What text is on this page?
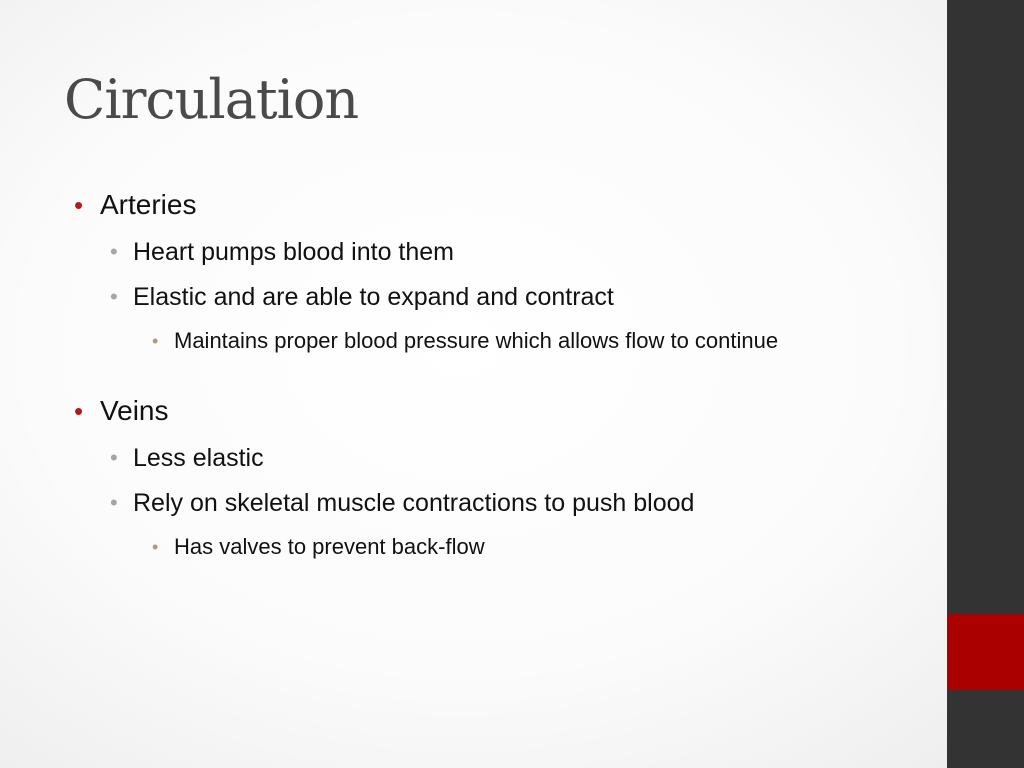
Circulation
• Arteries
• Heart pumps blood into them
• Elastic and are able to expand and contract
• Maintains proper blood pressure which allows flow to continue
• Veins
• Less elastic
• Rely on skeletal muscle contractions to push blood
• Has valves to prevent back-flow
